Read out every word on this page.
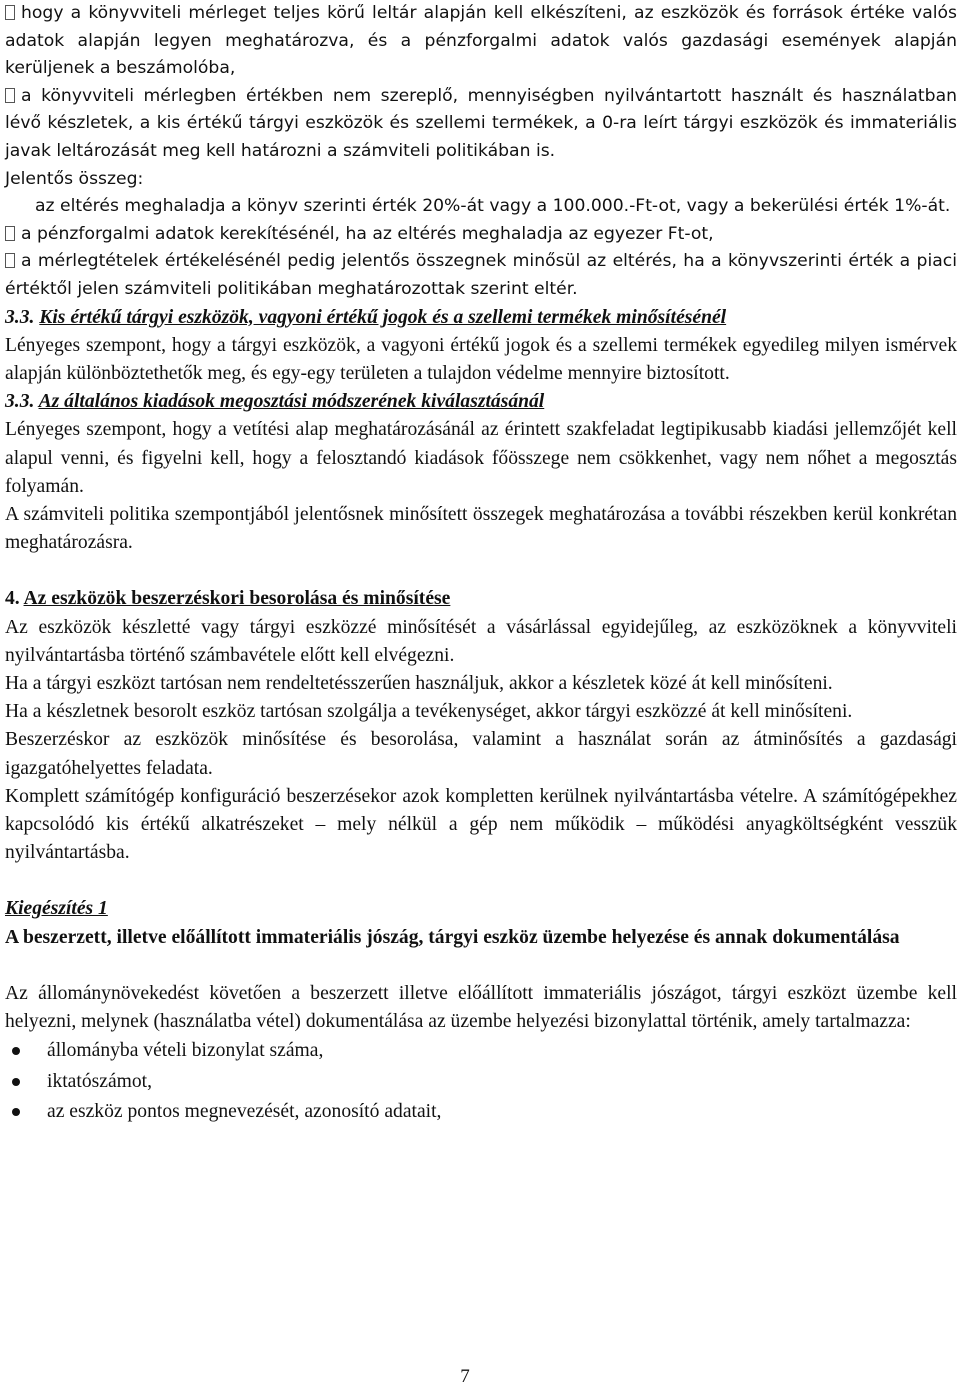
hogy a könyvviteli mérleget teljes körű leltár alapján kell elkészíteni, az eszközök és források értéke valós adatok alapján legyen meghatározva, és a pénzforgalmi adatok valós gazdasági események alapján kerüljenek a beszámolóba,

a könyvviteli mérlegben értékben nem szereplő, mennyiségben nyilvántartott használt és használatban lévő készletek, a kis értékű tárgyi eszközök és szellemi termékek, a 0-ra leírt tárgyi eszközök és immateriális javak leltározását meg kell határozni a számviteli politikában is.

Jelentős összeg:

az eltérés meghaladja a könyv szerinti érték 20%-át vagy a 100.000.-Ft-ot, vagy a bekerülési érték 1%-át.

a pénzforgalmi adatok kerekítésénél, ha az eltérés meghaladja az egyezer Ft-ot,

a mérlegtételek értékelésénél pedig jelentős összegnek minősül az eltérés, ha a könyvszerinti érték a piaci értéktől jelen számviteli politikában meghatározottak szerint eltér.

3.3. Kis értékű tárgyi eszközök, vagyoni értékű jogok és a szellemi termékek minősítésénél

Lényeges szempont, hogy a tárgyi eszközök, a vagyoni értékű jogok és a szellemi termékek egyedileg milyen ismérvek alapján különböztethetők meg, és egy-egy területen a tulajdon védelme mennyire biztosított.

3.3. Az általános kiadások megosztási módszerének kiválasztásánál

Lényeges szempont, hogy a vetítési alap meghatározásánál az érintett szakfeladat legtipikusabb kiadási jellemzőjét kell alapul venni, és figyelni kell, hogy a felosztandó kiadások főösszege nem csökkenhet, vagy nem nőhet a megosztás folyamán.

A számviteli politika szempontjából jelentősnek minősített összegek meghatározása a további részekben kerül konkrétan meghatározásra.

4. Az eszközök beszerzéskori besorolása és minősítése

Az eszközök készletté vagy tárgyi eszközzé minősítését a vásárlással egyidejűleg, az eszközöknek a könyvviteli nyilvántartásba történő számbavétele előtt kell elvégezni.

Ha a tárgyi eszközt tartósan nem rendeltetésszerűen használjuk, akkor a készletek közé át kell minősíteni.

Ha a készletnek besorolt eszköz tartósan szolgálja a tevékenységet, akkor tárgyi eszközzé át kell minősíteni.

Beszerzéskor az eszközök minősítése és besorolása, valamint a használat során az átminősítés a gazdasági igazgatóhelyettes feladata.

Komplett számítógép konfiguráció beszerzésekor azok kompletten kerülnek nyilvántartásba vételre. A számítógépekhez kapcsolódó kis értékű alkatrészeket – mely nélkül a gép nem működik – működési anyagköltségként vesszük nyilvántartásba.

Kiegészítés 1

A beszerzett, illetve előállított immateriális jószág, tárgyi eszköz üzembe helyezése és annak dokumentálása

Az állománynövekedést követően a beszerzett illetve előállított immateriális jószágot, tárgyi eszközt üzembe kell helyezni, melynek (használatba vétel) dokumentálása az üzembe helyezési bizonylattal történik, amely tartalmazza:

állományba vételi bizonylat száma,
iktatószámot,
az eszköz pontos megnevezését, azonosító adatait,
7
